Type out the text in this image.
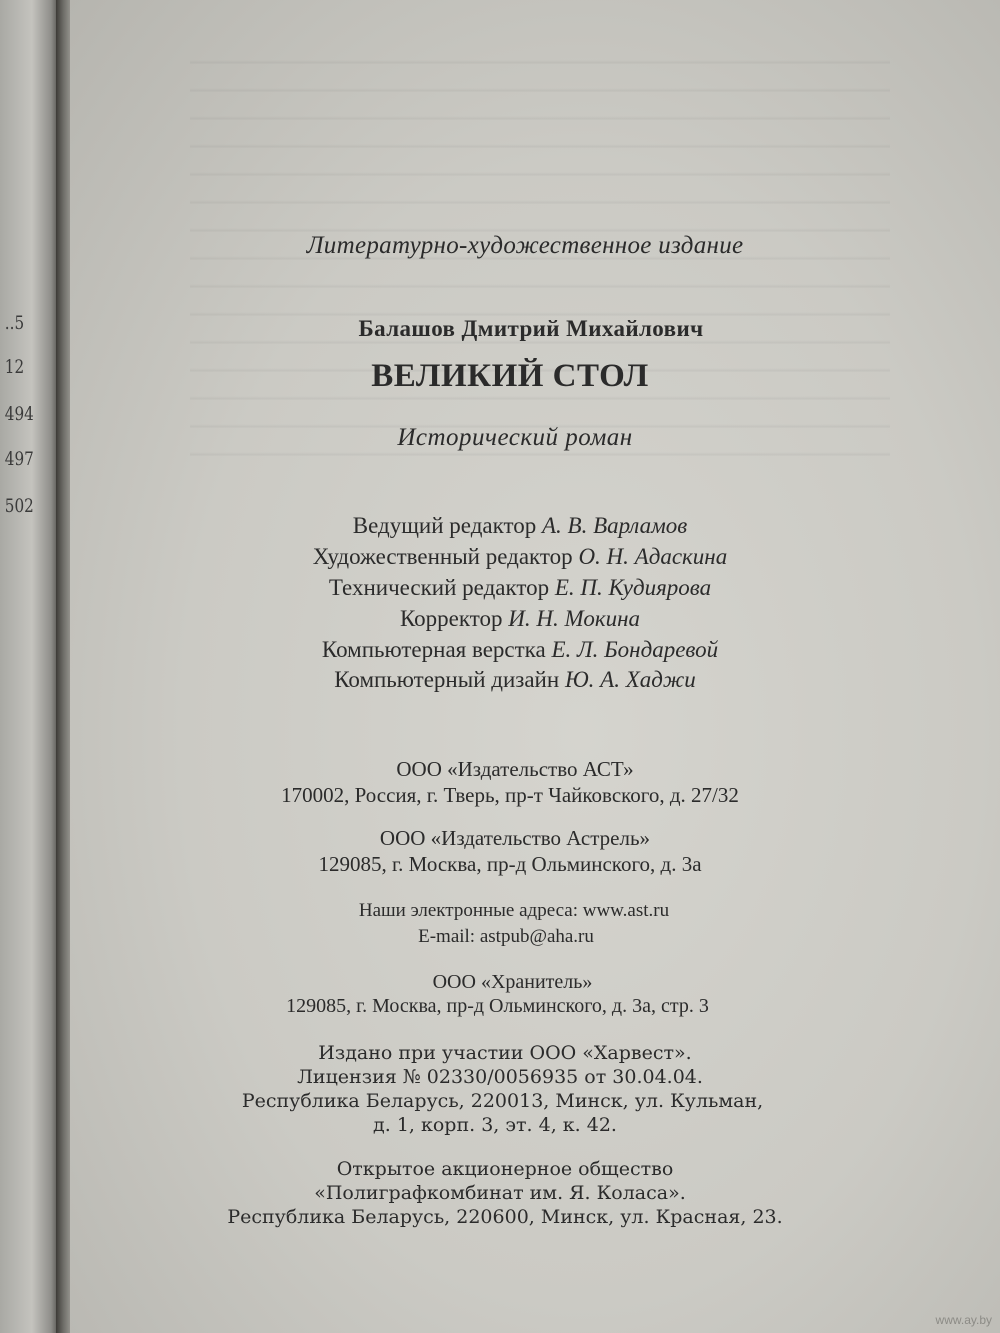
..5
12
494
497
502
Литературно-художественное издание
Балашов Дмитрий Михайлович
ВЕЛИКИЙ СТОЛ
Исторический роман
Ведущий редактор А. В. Варламов
Художественный редактор О. Н. Адаскина
Технический редактор Е. П. Кудиярова
Корректор И. Н. Мокина
Компьютерная верстка Е. Л. Бондаревой
Компьютерный дизайн Ю. А. Хаджи
ООО «Издательство АСТ»
170002, Россия, г. Тверь, пр-т Чайковского, д. 27/32
ООО «Издательство Астрель»
129085, г. Москва, пр-д Ольминского, д. 3а
Наши электронные адреса: www.ast.ru
E-mail: astpub@aha.ru
ООО «Хранитель»
129085, г. Москва, пр-д Ольминского, д. 3а, стр. 3
Издано при участии ООО «Харвест».
Лицензия № 02330/0056935 от 30.04.04.
Республика Беларусь, 220013, Минск, ул. Кульман,
д. 1, корп. 3, эт. 4, к. 42.
Открытое акционерное общество
«Полиграфкомбинат им. Я. Коласа».
Республика Беларусь, 220600, Минск, ул. Красная, 23.
www.ay.by
